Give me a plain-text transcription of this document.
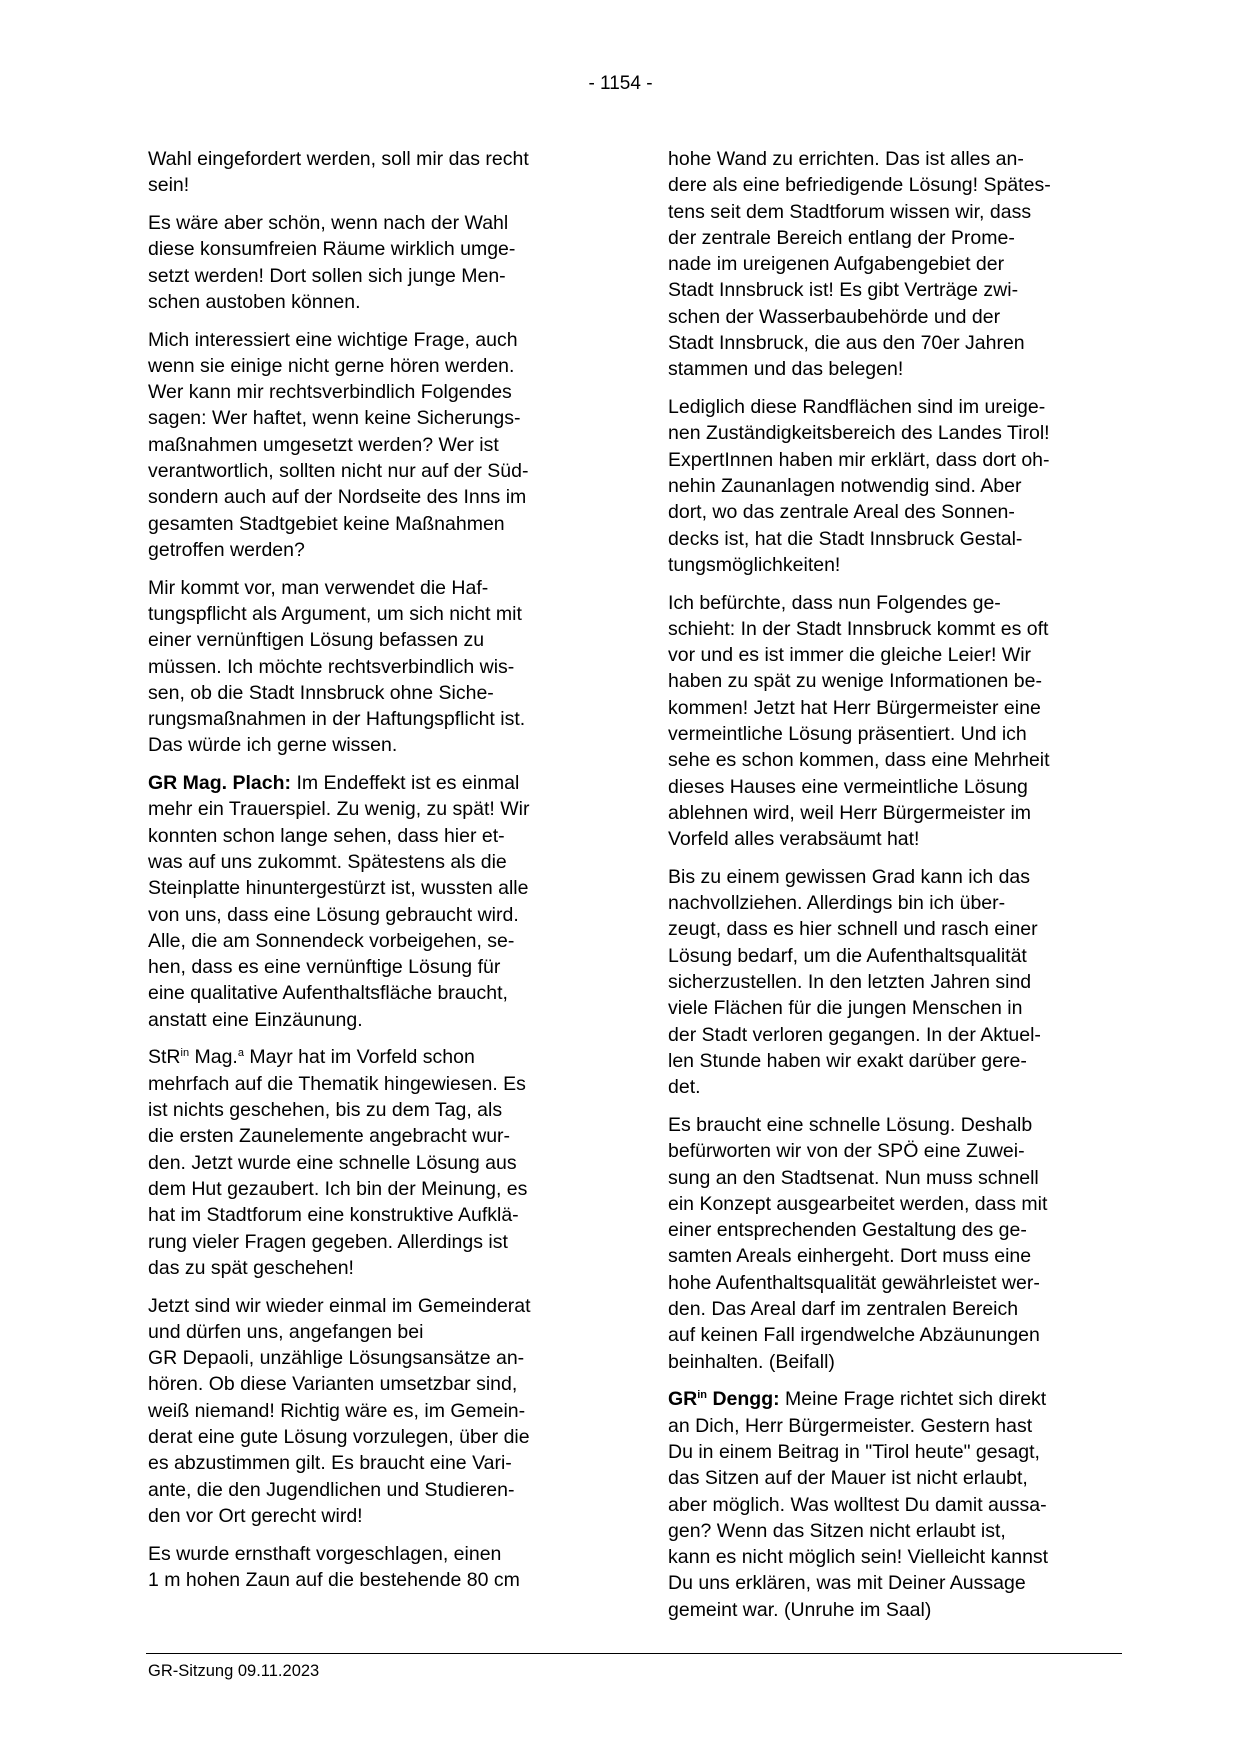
- 1154 -

Wahl eingefordert werden, soll mir das recht
sein!

Es wäre aber schön, wenn nach der Wahl
diese konsumfreien Räume wirklich umge-
setzt werden! Dort sollen sich junge Men-
schen austoben können.

Mich interessiert eine wichtige Frage, auch
wenn sie einige nicht gerne hören werden.
Wer kann mir rechtsverbindlich Folgendes
sagen: Wer haftet, wenn keine Sicherungs-
maßnahmen umgesetzt werden? Wer ist
verantwortlich, sollten nicht nur auf der Süd-
sondern auch auf der Nordseite des Inns im
gesamten Stadtgebiet keine Maßnahmen
getroffen werden?

Mir kommt vor, man verwendet die Haf-
tungspflicht als Argument, um sich nicht mit
einer vernünftigen Lösung befassen zu
müssen. Ich möchte rechtsverbindlich wis-
sen, ob die Stadt Innsbruck ohne Siche-
rungsmaßnahmen in der Haftungspflicht ist.
Das würde ich gerne wissen.

GR Mag. Plach: Im Endeffekt ist es einmal
mehr ein Trauerspiel. Zu wenig, zu spät! Wir
konnten schon lange sehen, dass hier et-
was auf uns zukommt. Spätestens als die
Steinplatte hinuntergestürzt ist, wussten alle
von uns, dass eine Lösung gebraucht wird.
Alle, die am Sonnendeck vorbeigehen, se-
hen, dass es eine vernünftige Lösung für
eine qualitative Aufenthaltsfläche braucht,
anstatt eine Einzäunung.

StR$^{in}$ Mag.$^a$ Mayr hat im Vorfeld schon
mehrfach auf die Thematik hingewiesen. Es
ist nichts geschehen, bis zu dem Tag, als
die ersten Zaunelemente angebracht wur-
den. Jetzt wurde eine schnelle Lösung aus
dem Hut gezaubert. Ich bin der Meinung, es
hat im Stadtforum eine konstruktive Aufklä-
rung vieler Fragen gegeben. Allerdings ist
das zu spät geschehen!

Jetzt sind wir wieder einmal im Gemeinderat
und dürfen uns, angefangen bei
GR Depaoli, unzählige Lösungsansätze an-
hören. Ob diese Varianten umsetzbar sind,
weiß niemand! Richtig wäre es, im Gemein-
derat eine gute Lösung vorzulegen, über die
es abzustimmen gilt. Es braucht eine Vari-
ante, die den Jugendlichen und Studieren-
den vor Ort gerecht wird!

Es wurde ernsthaft vorgeschlagen, einen
1 m hohen Zaun auf die bestehende 80 cm

hohe Wand zu errichten. Das ist alles an-
dere als eine befriedigende Lösung! Spätes-
tens seit dem Stadtforum wissen wir, dass
der zentrale Bereich entlang der Prome-
nade im ureigenen Aufgabengebiet der
Stadt Innsbruck ist! Es gibt Verträge zwi-
schen der Wasserbaubehörde und der
Stadt Innsbruck, die aus den 70er Jahren
stammen und das belegen!

Lediglich diese Randflächen sind im ureige-
nen Zuständigkeitsbereich des Landes Tirol!
ExpertInnen haben mir erklärt, dass dort oh-
nehin Zaunanlagen notwendig sind. Aber
dort, wo das zentrale Areal des Sonnen-
decks ist, hat die Stadt Innsbruck Gestal-
tungsmöglichkeiten!

Ich befürchte, dass nun Folgendes ge-
schieht: In der Stadt Innsbruck kommt es oft
vor und es ist immer die gleiche Leier! Wir
haben zu spät zu wenige Informationen be-
kommen! Jetzt hat Herr Bürgermeister eine
vermeintliche Lösung präsentiert. Und ich
sehe es schon kommen, dass eine Mehrheit
dieses Hauses eine vermeintliche Lösung
ablehnen wird, weil Herr Bürgermeister im
Vorfeld alles verabsäumt hat!

Bis zu einem gewissen Grad kann ich das
nachvollziehen. Allerdings bin ich über-
zeugt, dass es hier schnell und rasch einer
Lösung bedarf, um die Aufenthaltsqualität
sicherzustellen. In den letzten Jahren sind
viele Flächen für die jungen Menschen in
der Stadt verloren gegangen. In der Aktuel-
len Stunde haben wir exakt darüber gere-
det.

Es braucht eine schnelle Lösung. Deshalb
befürworten wir von der SPÖ eine Zuwei-
sung an den Stadtsenat. Nun muss schnell
ein Konzept ausgearbeitet werden, dass mit
einer entsprechenden Gestaltung des ge-
samten Areals einhergeht. Dort muss eine
hohe Aufenthaltsqualität gewährleistet wer-
den. Das Areal darf im zentralen Bereich
auf keinen Fall irgendwelche Abzäunungen
beinhalten. (Beifall)

$GR^{in}$ Dengg: Meine Frage richtet sich direkt
an Dich, Herr Bürgermeister. Gestern hast
Du in einem Beitrag in "Tirol heute" gesagt,
das Sitzen auf der Mauer ist nicht erlaubt,
aber möglich. Was wolltest Du damit aussa-
gen? Wenn das Sitzen nicht erlaubt ist,
kann es nicht möglich sein! Vielleicht kannst
Du uns erklären, was mit Deiner Aussage
gemeint war. (Unruhe im Saal)

GR-Sitzung 09.11.2023
